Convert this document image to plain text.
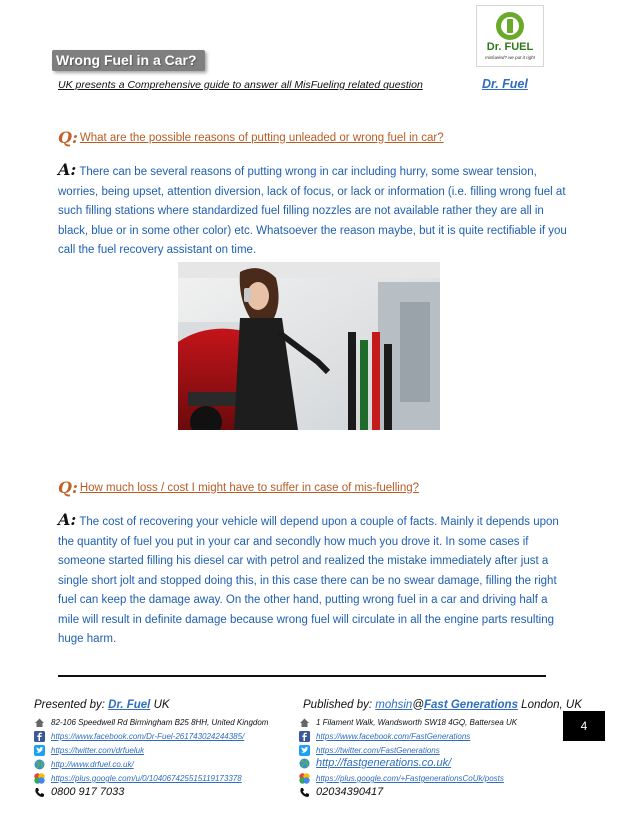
Wrong Fuel in a Car?
UK presents a Comprehensive guide to answer all MisFueling related question	Dr. Fuel
Dr. FUEL
misfueled? we put it right
Q: What are the possible reasons of putting unleaded or wrong fuel in car?
A: There can be several reasons of putting wrong in car including hurry, some swear tension, worries, being upset, attention diversion, lack of focus, or lack or information (i.e. filling wrong fuel at such filling stations where standardized fuel filling nozzles are not available rather they are all in black, blue or in some other color) etc. Whatsoever the reason maybe, but it is quite rectifiable if you call the fuel recovery assistant on time.
Q: How much loss / cost I might have to suffer in case of mis-fuelling?
A: The cost of recovering your vehicle will depend upon a couple of facts. Mainly it depends upon the quantity of fuel you put in your car and secondly how much you drove it. In some cases if someone started filling his diesel car with petrol and realized the mistake immediately after just a single short jolt and stopped doing this, in this case there can be no swear damage, filling the right fuel can keep the damage away. On the other hand, putting wrong fuel in a car and driving half a mile will result in definite damage because wrong fuel will circulate in all the engine parts resulting huge harm.
Presented by: Dr. Fuel UK	Published by: mohsin@Fast Generations London, UK
82-106 Speedwell Rd Birmingham B25 8HH, United Kingdom
https://www.facebook.com/Dr-Fuel-261743024244385/
https://twitter.com/drfueluk
http://www.drfuel.co.uk/
https://plus.google.com/u/0/104067425515119173378
0800 917 7033
1 Filament Walk, Wandsworth SW18 4GQ, Battersea UK
https://www.facebook.com/FastGenerations
https://twitter.com/FastGenerations
http://fastgenerations.co.uk/
https://plus.google.com/+FastgenerationsCoUk/posts
02034390417
4
